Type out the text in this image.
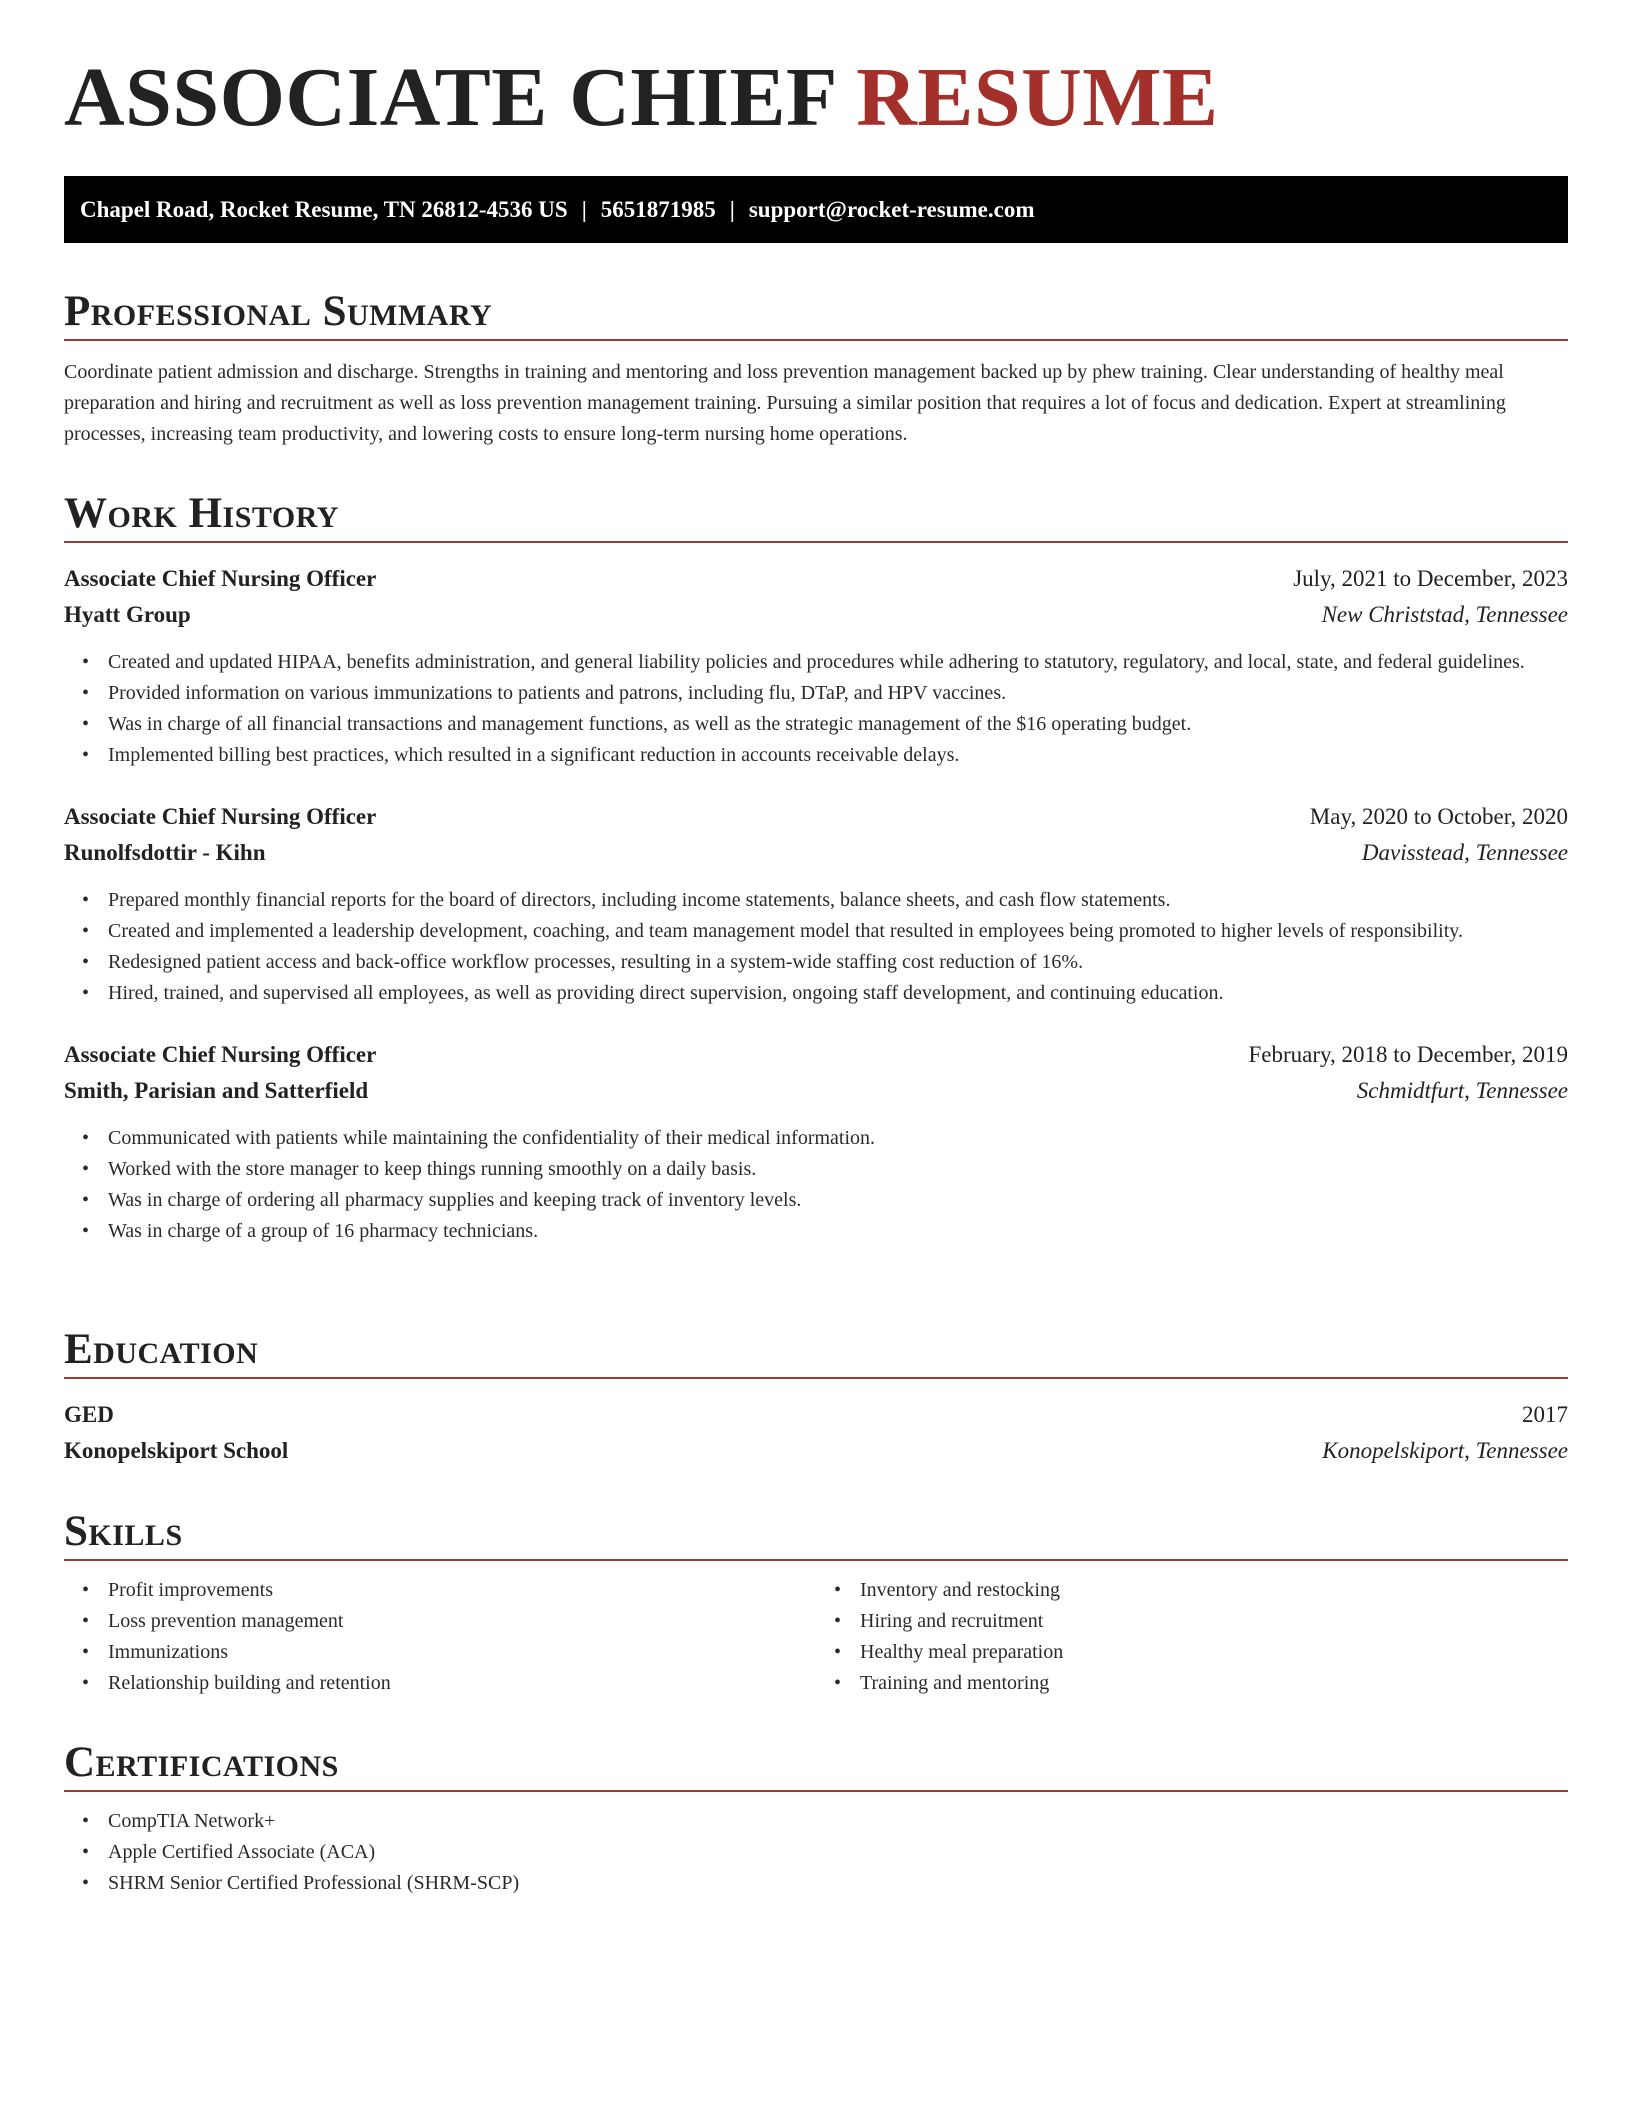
ASSOCIATE CHIEF RESUME
Chapel Road, Rocket Resume, TN 26812-4536 US | 5651871985 | support@rocket-resume.com
Professional Summary

Coordinate patient admission and discharge. Strengths in training and mentoring and loss prevention management backed up by phew training. Clear understanding of healthy meal preparation and hiring and recruitment as well as loss prevention management training. Pursuing a similar position that requires a lot of focus and dedication. Expert at streamlining processes, increasing team productivity, and lowering costs to ensure long-term nursing home operations.

Work History
Associate Chief Nursing Officer	July, 2021 to December, 2023
Hyatt Group	New Christstad, Tennessee
• Created and updated HIPAA, benefits administration, and general liability policies and procedures while adhering to statutory, regulatory, and local, state, and federal guidelines.
• Provided information on various immunizations to patients and patrons, including flu, DTaP, and HPV vaccines.
• Was in charge of all financial transactions and management functions, as well as the strategic management of the $16 operating budget.
• Implemented billing best practices, which resulted in a significant reduction in accounts receivable delays.
Associate Chief Nursing Officer	May, 2020 to October, 2020
Runolfsdottir - Kihn	Davisstead, Tennessee
• Prepared monthly financial reports for the board of directors, including income statements, balance sheets, and cash flow statements.
• Created and implemented a leadership development, coaching, and team management model that resulted in employees being promoted to higher levels of responsibility.
• Redesigned patient access and back-office workflow processes, resulting in a system-wide staffing cost reduction of 16%.
• Hired, trained, and supervised all employees, as well as providing direct supervision, ongoing staff development, and continuing education.
Associate Chief Nursing Officer	February, 2018 to December, 2019
Smith, Parisian and Satterfield	Schmidtfurt, Tennessee
• Communicated with patients while maintaining the confidentiality of their medical information.
• Worked with the store manager to keep things running smoothly on a daily basis.
• Was in charge of ordering all pharmacy supplies and keeping track of inventory levels.
• Was in charge of a group of 16 pharmacy technicians.
Education
GED	2017
Konopelskiport School	Konopelskiport, Tennessee
Skills
• Profit improvements
• Loss prevention management
• Immunizations
• Relationship building and retention
• Inventory and restocking
• Hiring and recruitment
• Healthy meal preparation
• Training and mentoring
Certifications
• CompTIA Network+
• Apple Certified Associate (ACA)
• SHRM Senior Certified Professional (SHRM-SCP)
